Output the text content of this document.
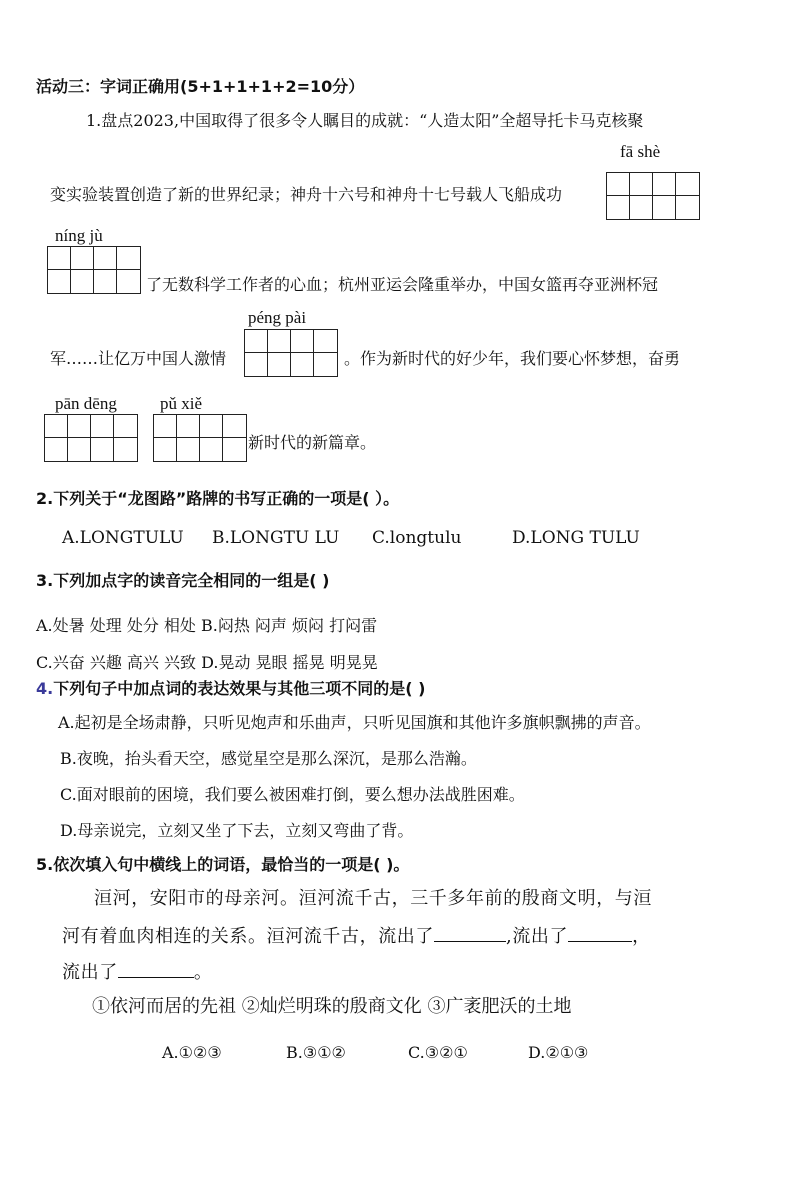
活动三：字词正确用(5+1+1+1+2=10分）
1.盘点2023,中国取得了很多令人瞩目的成就：“人造太阳”全超导托卡马克核聚
fā shè
变实验装置创造了新的世界纪录；神舟十六号和神舟十七号载人飞船成功
níng jù
了无数科学工作者的心血；杭州亚运会隆重举办，中国女篮再夺亚洲杯冠
péng pài
军……让亿万中国人激情	。作为新时代的好少年，我们要心怀梦想，奋勇
pān dēng	pǔ xiě
新时代的新篇章。
2.下列关于“龙图路”路牌的书写正确的一项是( ）。
A.LONGTULU B.LONGTU LU C.longtulu	D.LONG TULU
3.下列加点字的读音完全相同的一组是( )
A.处暑 处理 处分 相处 B.闷热 闷声 烦闷 打闷雷
C.兴奋 兴趣 高兴 兴致 D.晃动 晃眼 摇晃 明晃晃
4.下列句子中加点词的表达效果与其他三项不同的是( )
A.起初是全场肃静，只听见炮声和乐曲声，只听见国旗和其他许多旗帜飘拂的声音。
B.夜晚，抬头看天空，感觉星空是那么深沉，是那么浩瀚。
C.面对眼前的困境，我们要么被困难打倒，要么想办法战胜困难。
D.母亲说完，立刻又坐了下去，立刻又弯曲了背。
5.依次填入句中横线上的词语，最恰当的一项是( )。
洹河，安阳市的母亲河。洹河流千古，三千多年前的殷商文明，与洹
河有着血肉相连的关系。洹河流千古，流出了	,流出了	，
流出了	。
①依河而居的先祖 ②灿烂明珠的殷商文化 ③广袤肥沃的土地
A.①②③	B.③①②	C.③②①	D.②①③
